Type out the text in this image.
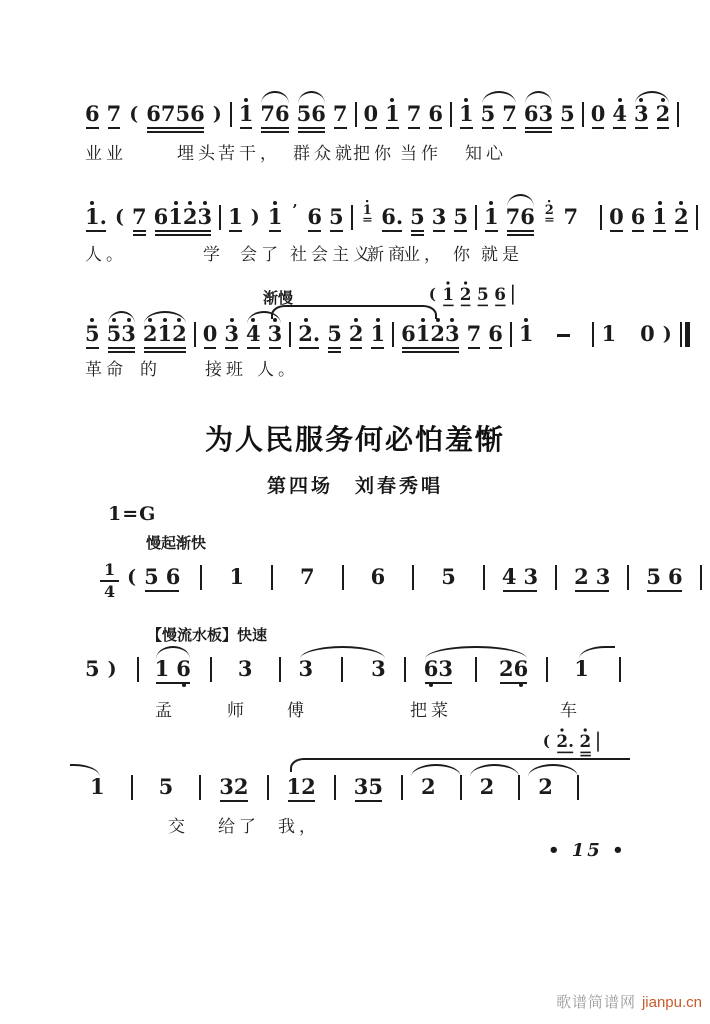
6 7 ( 6 7 5 6 ) 1 7 6 5 6 7 0 1 7 6 1 5 7 6 3 5 0 4 3 2
业业	埋头 苦干， 群众就
把你 当作 知心
1 . ( 7 6 1 2 3 1 ) 1 ’ 6 5 1 6 . 5 3 5 1 7 6 2 7 0 6 1 2
人。	学 会了 社会主义
新商
业， 你 就是
5 5 3 2 1 2 0 3 4 3 2 . 5 2 1 6 1 2 3 7 6 1	1 0 )
革命 的	接班 人。
渐慢	( 1 2 5 6
为人民服务何必怕羞惭
第四场　刘春秀唱
1=G
$\frac{1}{4}$ ( 5 6 1	7	6	5 4 3 2 3 5 6
慢起渐快
5 ) 1 6 3 3	3 6 3 2 6 1
孟	师 傅	把菜	车
【慢流水板】快速
1	5 3 2 1 2 3 5 2 2 2
交 给了 我，
( 2 . 2
• 15 •
歌谱简谱网 jianpu.cn
